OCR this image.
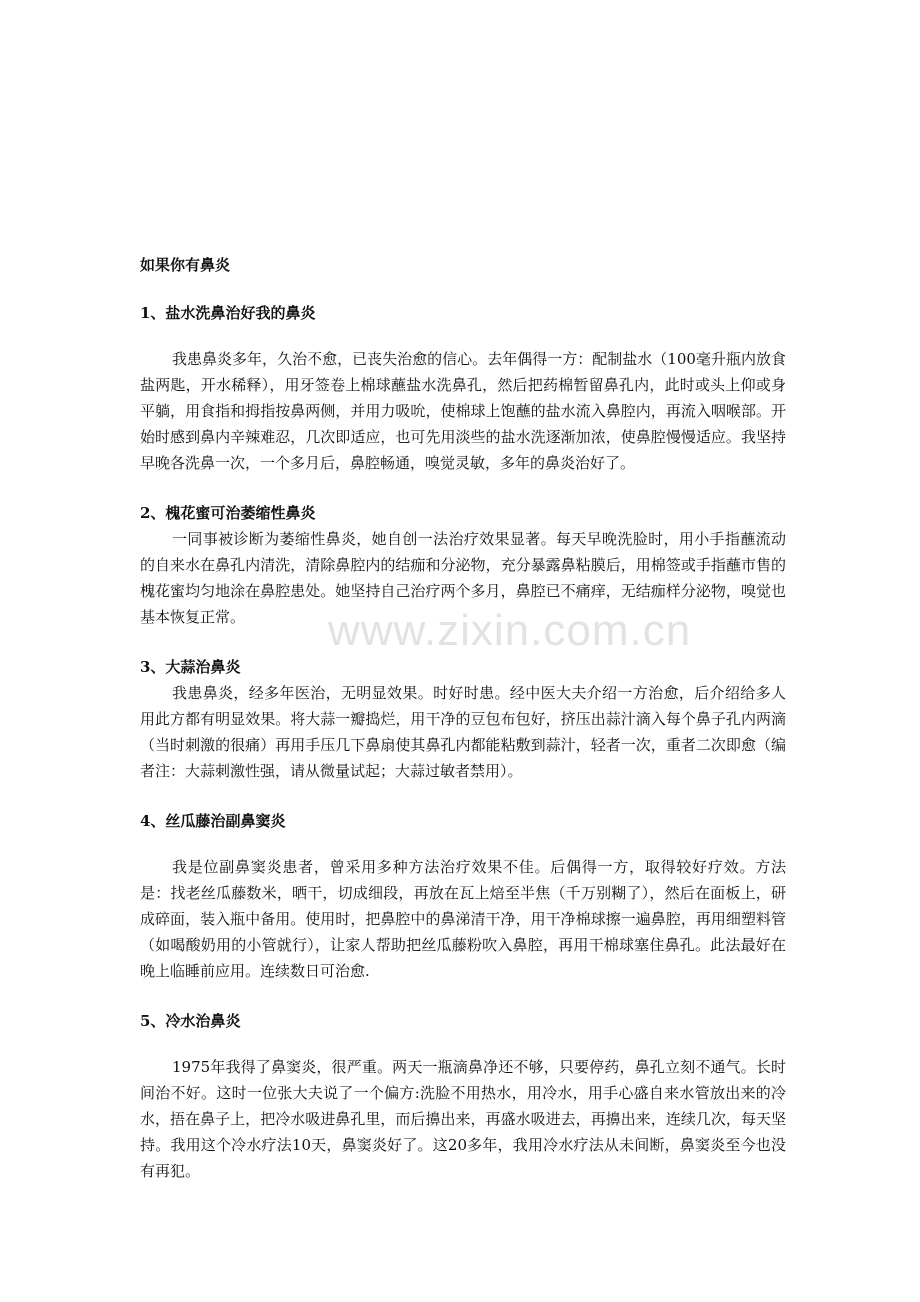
www.zixin.com.cn
如果你有鼻炎
1、盐水洗鼻治好我的鼻炎

我患鼻炎多年，久治不愈，已丧失治愈的信心。去年偶得一方：配制盐水（100毫升瓶内放食盐两匙，开水稀释），用牙签卷上棉球蘸盐水洗鼻孔，然后把药棉暂留鼻孔内，此时或头上仰或身平躺，用食指和拇指按鼻两侧，并用力吸吮，使棉球上饱蘸的盐水流入鼻腔内，再流入咽喉部。开始时感到鼻内辛辣难忍，几次即适应，也可先用淡些的盐水洗逐渐加浓，使鼻腔慢慢适应。我坚持早晚各洗鼻一次，一个多月后，鼻腔畅通，嗅觉灵敏，多年的鼻炎治好了。

2、槐花蜜可治萎缩性鼻炎

一同事被诊断为萎缩性鼻炎，她自创一法治疗效果显著。每天早晚洗脸时，用小手指蘸流动的自来水在鼻孔内清洗，清除鼻腔内的结痂和分泌物，充分暴露鼻粘膜后，用棉签或手指蘸市售的槐花蜜均匀地涂在鼻腔患处。她坚持自己治疗两个多月，鼻腔已不痛痒，无结痂样分泌物，嗅觉也基本恢复正常。

3、大蒜治鼻炎

我患鼻炎，经多年医治，无明显效果。时好时患。经中医大夫介绍一方治愈，后介绍给多人用此方都有明显效果。将大蒜一瓣捣烂，用干净的豆包布包好，挤压出蒜汁滴入每个鼻子孔内两滴（当时刺激的很痛）再用手压几下鼻扇使其鼻孔内都能粘敷到蒜汁，轻者一次，重者二次即愈（编者注：大蒜刺激性强，请从微量试起；大蒜过敏者禁用）。

4、丝瓜藤治副鼻窦炎

我是位副鼻窦炎患者，曾采用多种方法治疗效果不佳。后偶得一方，取得较好疗效。方法是：找老丝瓜藤数米，晒干，切成细段，再放在瓦上焙至半焦（千万别糊了），然后在面板上，研成碎面，装入瓶中备用。使用时，把鼻腔中的鼻涕清干净，用干净棉球擦一遍鼻腔，再用细塑料管（如喝酸奶用的小管就行），让家人帮助把丝瓜藤粉吹入鼻腔，再用干棉球塞住鼻孔。此法最好在晚上临睡前应用。连续数日可治愈.

5、冷水治鼻炎

1975年我得了鼻窦炎，很严重。两天一瓶滴鼻净还不够，只要停药，鼻孔立刻不通气。长时间治不好。这时一位张大夫说了一个偏方:洗脸不用热水，用冷水，用手心盛自来水管放出来的冷水，捂在鼻子上，把冷水吸进鼻孔里，而后擤出来，再盛水吸进去，再擤出来，连续几次，每天坚持。我用这个冷水疗法10天，鼻窦炎好了。这20多年，我用冷水疗法从未间断，鼻窦炎至今也没有再犯。
